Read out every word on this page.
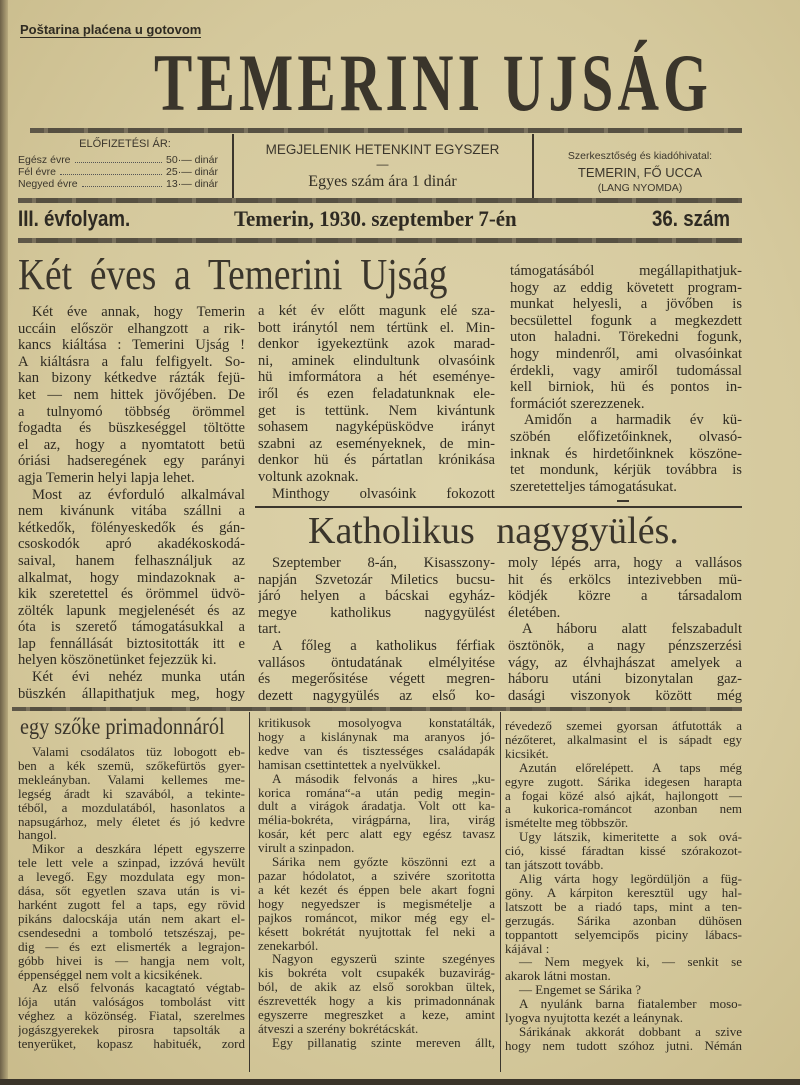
Poštarina plaćena u gotovom
TEMERINI UJSÁG
ELŐFIZETÉSI ÁR:
Egész évre	50·— dinár
Fél évre	25·— dinár
Negyed évre	13·— dinár
MEGJELENIK HETENKINT EGYSZER
—
Egyes szám ára 1 dinár
Szerkesztőség és kiadóhivatal:
TEMERIN, FŐ UCCA
(LANG NYOMDA)
III. évfolyam.	Temerin, 1930. szeptember 7-én	36. szám
Két éves a Temerini Ujság
Két éve annak, hogy Temerin
uccáin először elhangzott a rik-
kancs kiáltása : Temerini Ujság !
A kiáltásra a falu felfigyelt. So-
kan bizony kétkedve rázták fejü-
ket — nem hittek jövőjében. De
a tulnyomó többség örömmel
fogadta és büszkeséggel töltötte
el az, hogy a nyomtatott betü
óriási hadseregének egy parányi
agja Temerin helyi lapja lehet.
Most az évforduló alkalmával
nem kivánunk vitába szállni a
kétkedők, fölényeskedők és gán-
csoskodók apró akadékoskodá-
saival, hanem felhasználjuk az
alkalmat, hogy mindazoknak a-
kik szeretettel és örömmel üdvö-
zölték lapunk megjelenését és az
óta is szerető támogatásukkal a
lap fennállását biztositották itt e
helyen köszönetünket fejezzük ki.
Két évi nehéz munka után
büszkén állapithatjuk meg, hogy
a két év előtt magunk elé sza-
bott iránytól nem tértünk el. Min-
denkor igyekeztünk azok marad-
ni, aminek elindultunk olvasóink
hü imformátora a hét eseménye-
iről és ezen feladatunknak ele-
get is tettünk. Nem kivántunk
sohasem nagyképüsködve irányt
szabni az eseményeknek, de min-
denkor hü és pártatlan krónikása
voltunk azoknak.
Minthogy olvasóink fokozott
támogatásából megállapithatjuk-
hogy az eddig követett program-
munkat helyesli, a jövőben is
becsülettel fogunk a megkezdett
uton haladni. Törekedni fogunk,
hogy mindenről, ami olvasóinkat
érdekli, vagy amiről tudomással
kell birniok, hü és pontos in-
formációt szerezzenek.
Amidőn a harmadik év kü-
szöbén előfizetőinknek, olvasó-
inknak és hirdetőinknek köszöne-
tet mondunk, kérjük továbbra is
szeretetteljes támogatásukat.
Katholikus nagygyülés.
Szeptember 8-án, Kisasszony-
napján Szvetozár Miletics bucsu-
járó helyen a bácskai egyház-
megye katholikus nagygyülést
tart.
A főleg a katholikus férfiak
vallásos öntudatának elmélyitése
és megerősitése végett megren-
dezett nagygyülés az első ko-
moly lépés arra, hogy a vallásos
hit és erkölcs intezivebben mü-
ködjék közre a társadalom
életében.
A háboru alatt felszabadult
ösztönök, a nagy pénzszerzési
vágy, az élvhajhászat amelyek a
háboru utáni bizonytalan gaz-
dasági viszonyok között még
egy szőke primadonnáról
Valami csodálatos tüz lobogott eb-
ben a kék szemü, szőkefürtös gyer-
mekleányban. Valami kellemes me-
legség áradt ki szavából, a tekinte-
téből, a mozdulatából, hasonlatos a
napsugárhoz, mely életet és jó kedvre
hangol.
Mikor a deszkára lépett egyszerre
tele lett vele a szinpad, izzóvá hevült
a levegő. Egy mozdulata egy mon-
dása, sőt egyetlen szava után is vi-
harként zugott fel a taps, egy rövid
pikáns dalocskája után nem akart el-
csendesedni a tomboló tetszészaj, pe-
dig — és ezt elismerték a legrajon-
góbb hivei is — hangja nem volt,
éppenséggel nem volt a kicsikének.
Az első felvonás kacagtató végtab-
lója után valóságos tombolást vitt
véghez a közönség. Fiatal, szerelmes
jogászgyerekek pirosra tapsolták a
tenyerüket, kopasz habituék, zord
kritikusok mosolyogva konstatálták,
hogy a kislánynak ma aranyos jó-
kedve van és tisztességes családapák
hamisan csettintettek a nyelvükkel.
A második felvonás a hires „ku-
korica romána“-a után pedig megin-
dult a virágok áradatja. Volt ott ka-
mélia-bokréta, virágpárna, lira, virág
kosár, két perc alatt egy egész tavasz
virult a szinpadon.
Sárika nem győzte köszönni ezt a
pazar hódolatot, a szivére szoritotta
a két kezét és éppen bele akart fogni
hogy negyedszer is megismételje a
pajkos románcot, mikor még egy el-
késett bokrétát nyujtottak fel neki a
zenekarból.
Nagyon egyszerü szinte szegényes
kis bokréta volt csupakék buzavirág-
ból, de akik az első sorokban ültek,
észrevették hogy a kis primadonnának
egyszerre megreszket a keze, amint
átveszi a szerény bokrétácskát.
Egy pillanatig szinte mereven állt,
révedező szemei gyorsan átfutották a
nézőteret, alkalmasint el is sápadt egy
kicsikét.
Azután előrelépett. A taps még
egyre zugott. Sárika idegesen harapta
a fogai közé alsó ajkát, hajlongott —
a kukorica-románcot azonban nem
ismételte meg többször.
Ugy látszik, kimeritette a sok ová-
ció, kissé fáradtan kissé szórakozot-
tan játszott tovább.
Alig várta hogy legördüljön a füg-
göny. A kárpiton keresztül ugy hal-
latszott be a riadó taps, mint a ten-
gerzugás. Sárika azonban dühösen
toppantott selyemcipős piciny lábacs-
kájával :
— Nem megyek ki, — senkit se
akarok látni mostan.
— Engemet se Sárika ?
A nyulánk barna fiatalember moso-
lyogva nyujtotta kezét a leánynak.
Sárikának akkorát dobbant a szive
hogy nem tudott szóhoz jutni. Némán
